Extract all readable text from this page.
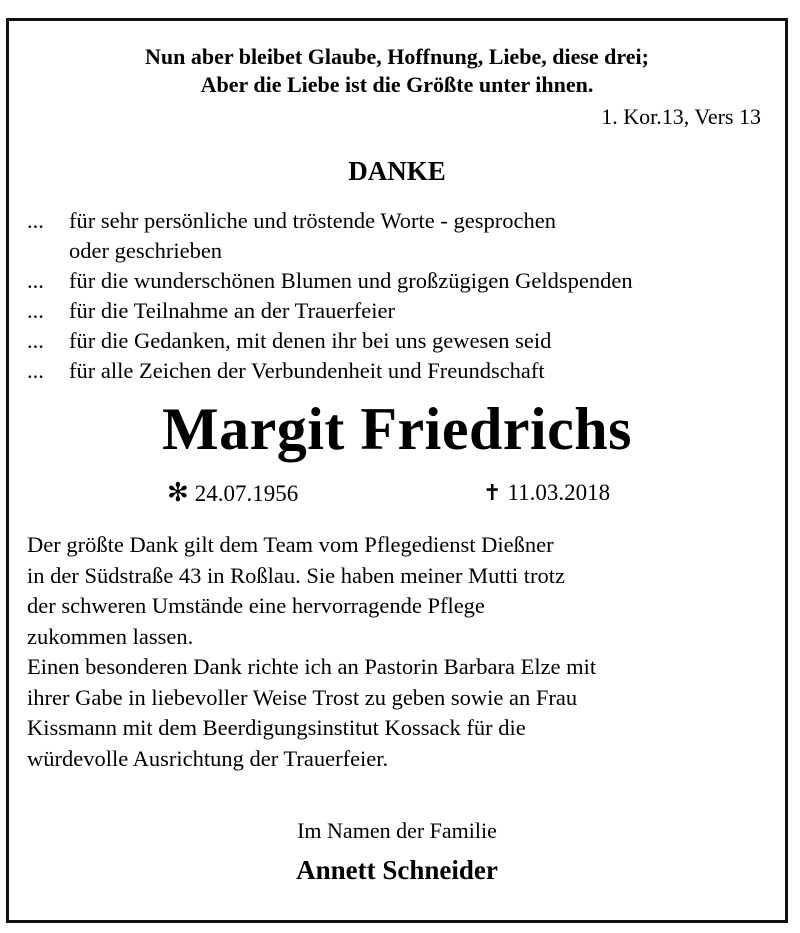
Nun aber bleibet Glaube, Hoffnung, Liebe, diese drei;
Aber die Liebe ist die Größte unter ihnen.
1. Kor.13, Vers 13
DANKE
... für sehr persönliche und tröstende Worte - gesprochen
oder geschrieben
... für die wunderschönen Blumen und großzügigen Geldspenden
... für die Teilnahme an der Trauerfeier
... für die Gedanken, mit denen ihr bei uns gewesen seid
... für alle Zeichen der Verbundenheit und Freundschaft
Margit Friedrichs
✻ 24.07.1956	✝ 11.03.2018
Der größte Dank gilt dem Team vom Pflegedienst Dießner
in der Südstraße 43 in Roßlau. Sie haben meiner Mutti trotz
der schweren Umstände eine hervorragende Pflege
zukommen lassen.
Einen besonderen Dank richte ich an Pastorin Barbara Elze mit
ihrer Gabe in liebevoller Weise Trost zu geben sowie an Frau
Kissmann mit dem Beerdigungsinstitut Kossack für die
würdevolle Ausrichtung der Trauerfeier.
Im Namen der Familie
Annett Schneider
